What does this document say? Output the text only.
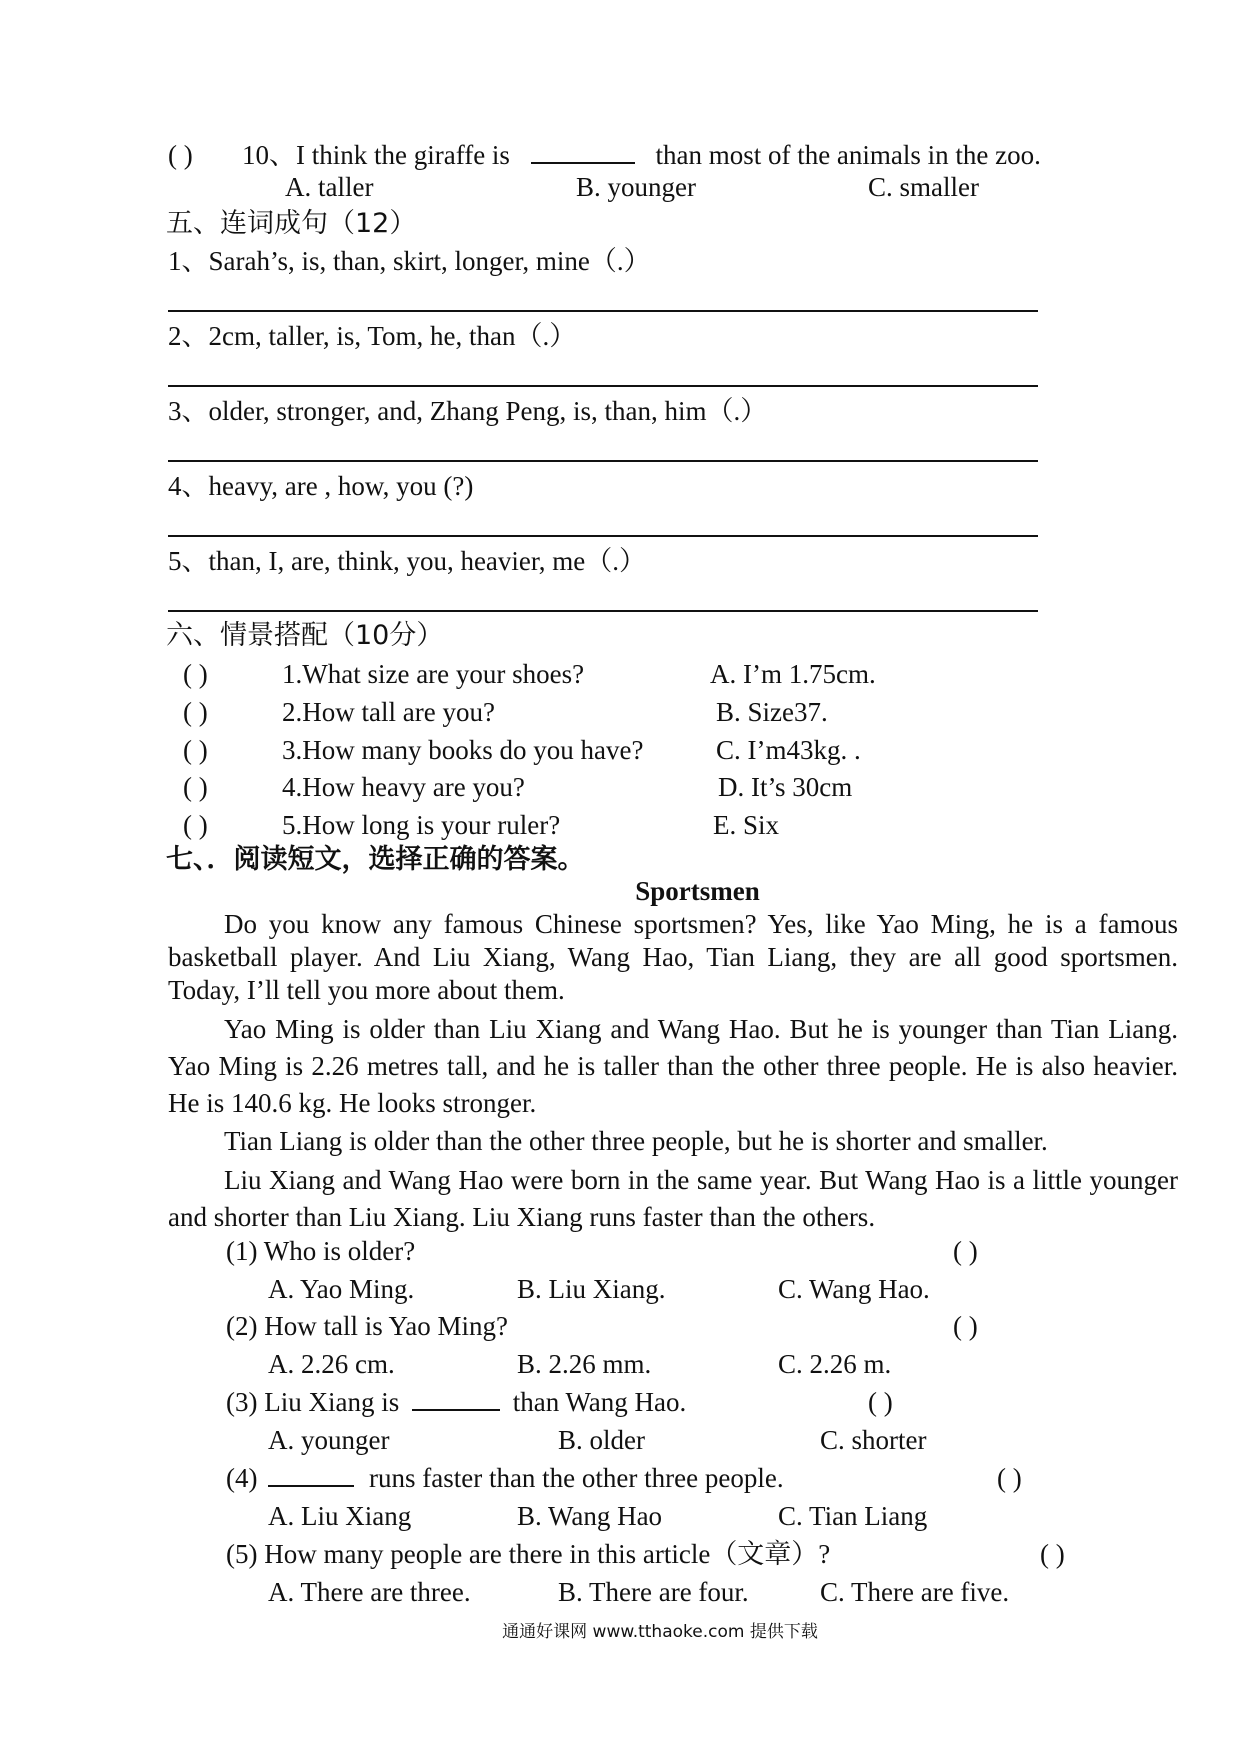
( ) 10、I think the giraffe is	than most of the animals in the zoo.
A. taller	B. younger	C. smaller
五、连词成句（12）
1、Sarah’s, is, than, skirt, longer, mine（.）
2、2cm, taller, is, Tom, he, than（.）
3、older, stronger, and, Zhang Peng, is, than, him（.）
4、heavy, are , how, you (?)
5、than, I, are, think, you, heavier, me（.）
六、情景搭配（10分）
( )	1.What size are your shoes?	A. I’m 1.75cm.
( )	2.How tall are you?	B. Size37.
( )	3.How many books do you have?	C. I’m43kg. .
( )	4.How heavy are you?	D. It’s 30cm
( )	5.How long is your ruler?	E. Six
七、．阅读短文，选择正确的答案。
Sportsmen
Do you know any famous Chinese sportsmen? Yes, like Yao Ming, he is a famous basketball player. And Liu Xiang, Wang Hao, Tian Liang, they are all good sportsmen. Today, I’ll tell you more about them.
Yao Ming is older than Liu Xiang and Wang Hao. But he is younger than Tian Liang. Yao Ming is 2.26 metres tall, and he is taller than the other three people. He is also heavier. He is 140.6 kg. He looks stronger.
Tian Liang is older than the other three people, but he is shorter and smaller.
Liu Xiang and Wang Hao were born in the same year. But Wang Hao is a little younger and shorter than Liu Xiang. Liu Xiang runs faster than the others.
(1) Who is older?	( )
A. Yao Ming.	B. Liu Xiang.	C. Wang Hao.
(2) How tall is Yao Ming?	( )
A. 2.26 cm.	B. 2.26 mm.	C. 2.26 m.
(3) Liu Xiang is	than Wang Hao.	( )
A. younger	B. older	C. shorter
(4)	runs faster than the other three people.	( )
A. Liu Xiang	B. Wang Hao	C. Tian Liang
(5) How many people are there in this article（文章）?	( )
A. There are three.	B. There are four.	C. There are five.
通通好课网 www.tthaoke.com 提供下载
